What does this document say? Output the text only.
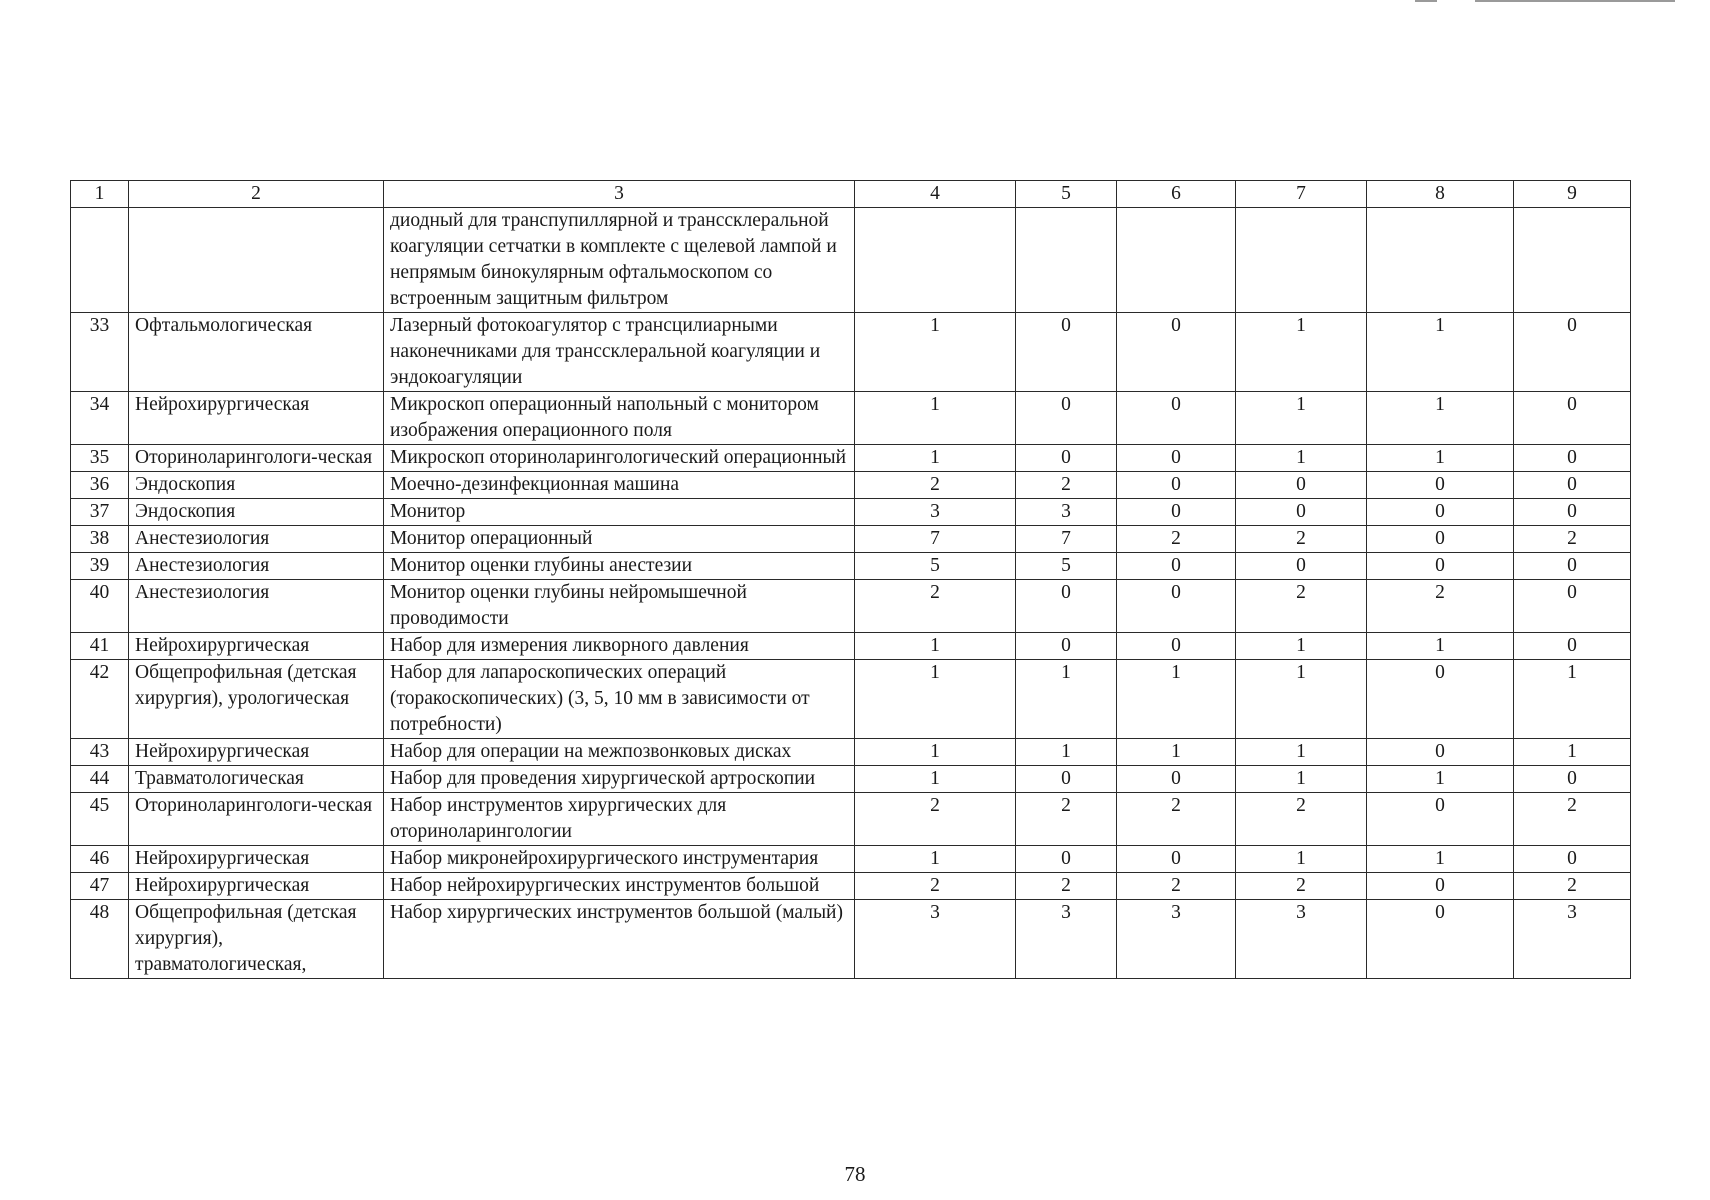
1	2	3	4	5	6	7	8	9
		диодный для транспупиллярной и транссклеральной коагуляции сетчатки в комплекте с щелевой лампой и непрямым бинокулярным офтальмоскопом со встроенным защитным фильтром						
33	Офтальмологическая	Лазерный фотокоагулятор с трансцилиарными наконечниками для транссклеральной коагуляции и эндокоагуляции	1	0	0	1	1	0
34	Нейрохирургическая	Микроскоп операционный напольный с монитором изображения операционного поля	1	0	0	1	1	0
35	Оториноларингологи-ческая	Микроскоп оториноларингологический операционный	1	0	0	1	1	0
36	Эндоскопия	Моечно-дезинфекционная машина	2	2	0	0	0	0
37	Эндоскопия	Монитор	3	3	0	0	0	0
38	Анестезиология	Монитор операционный	7	7	2	2	0	2
39	Анестезиология	Монитор оценки глубины анестезии	5	5	0	0	0	0
40	Анестезиология	Монитор оценки глубины нейромышечной проводимости	2	0	0	2	2	0
41	Нейрохирургическая	Набор для измерения ликворного давления	1	0	0	1	1	0
42	Общепрофильная (детская хирургия), урологическая	Набор для лапароскопических операций (торакоскопических) (3, 5, 10 мм в зависимости от потребности)	1	1	1	1	0	1
43	Нейрохирургическая	Набор для операции на межпозвонковых дисках	1	1	1	1	0	1
44	Травматологическая	Набор для проведения хирургической артроскопии	1	0	0	1	1	0
45	Оториноларингологи-ческая	Набор инструментов хирургических для оториноларингологии	2	2	2	2	0	2
46	Нейрохирургическая	Набор микронейрохирургического инструментария	1	0	0	1	1	0
47	Нейрохирургическая	Набор нейрохирургических инструментов большой	2	2	2	2	0	2
48	Общепрофильная (детская хирургия), травматологическая,	Набор хирургических инструментов большой (малый)	3	3	3	3	0	3
78
